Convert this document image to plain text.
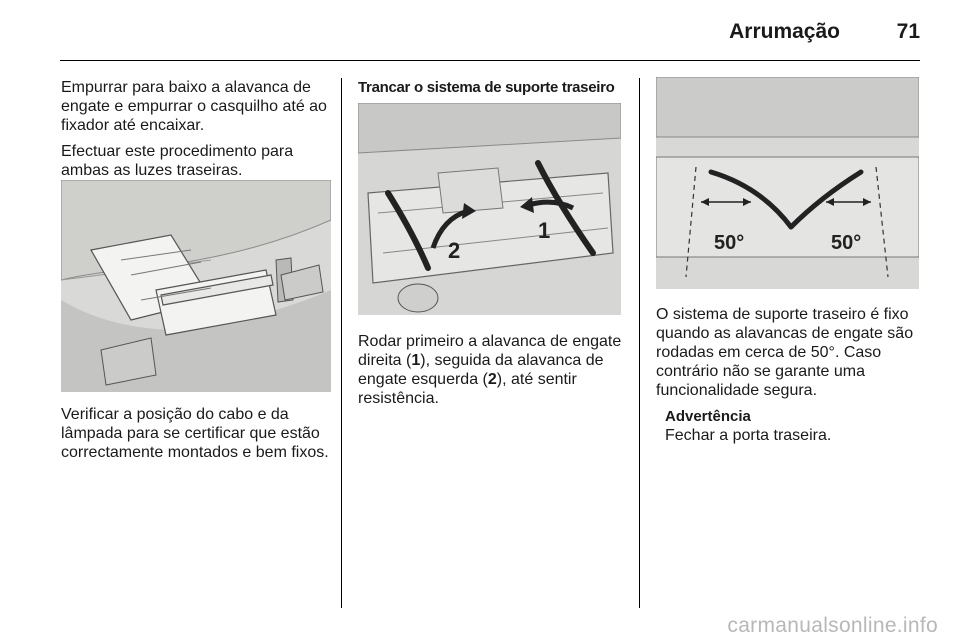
Arrumação	71

Empurrar para baixo a alavanca de engate e empurrar o casquilho até ao fixador até encaixar.

Efectuar este procedimento para ambas as luzes traseiras.

Verificar a posição do cabo e da lâmpada para se certificar que estão correctamente montados e bem fixos.

Trancar o sistema de suporte traseiro
2
1

Rodar primeiro a alavanca de engate direita (1), seguida da alavanca de engate esquerda (2), até sentir resistência.

50°	50°

O sistema de suporte traseiro é fixo quando as alavancas de engate são rodadas em cerca de 50°. Caso contrário não se garante uma funcionalidade segura.

Advertência
Fechar a porta traseira.
carmanualsonline.info
